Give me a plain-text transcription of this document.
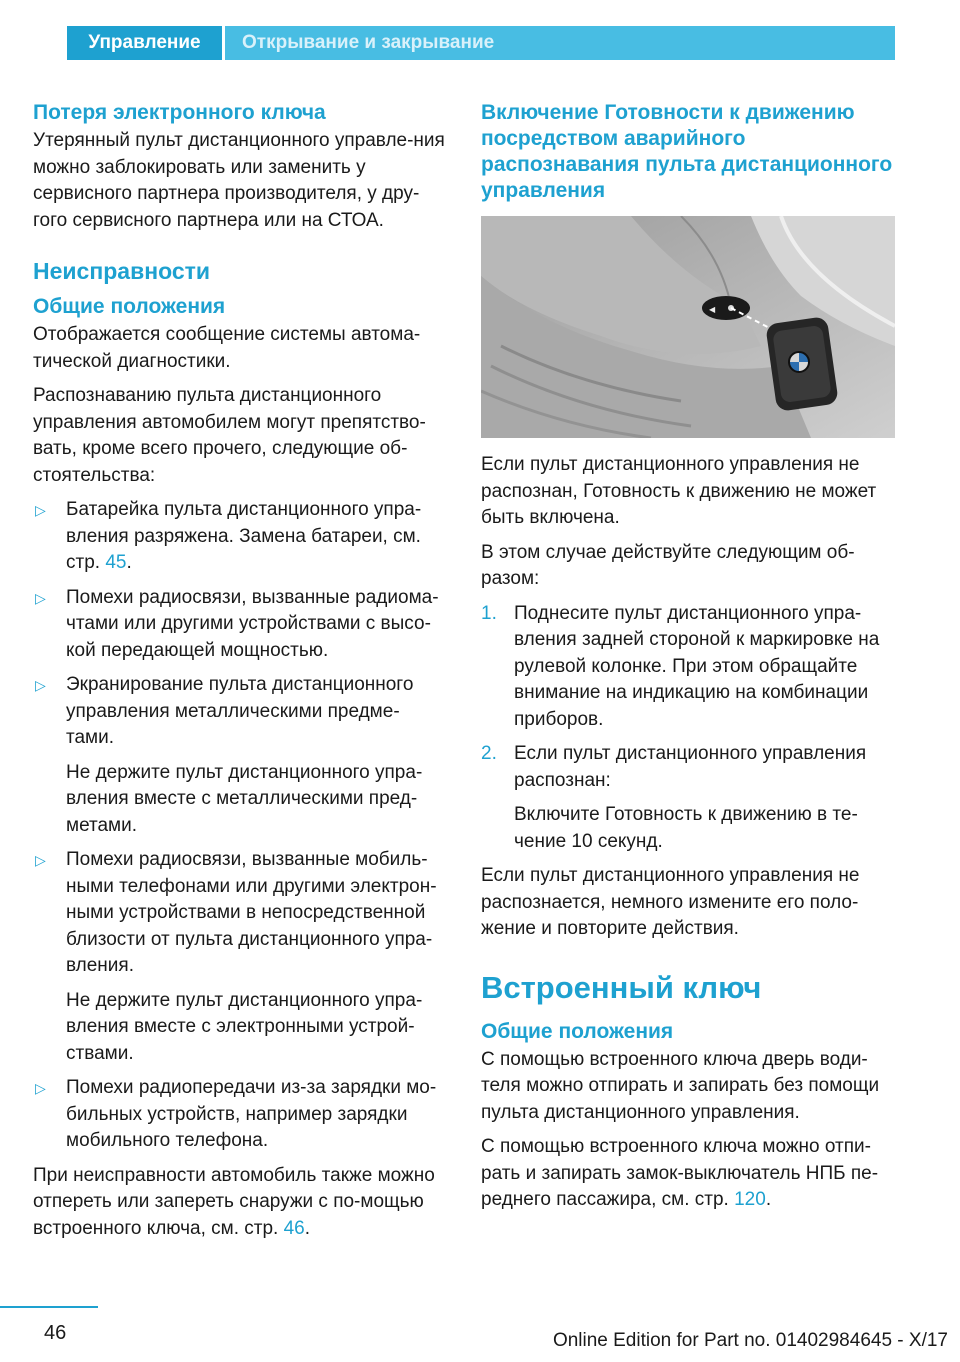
Управление	Открывание и закрывание
Потеря электронного ключа

Утерянный пульт дистанционного управле-ния можно заблокировать или заменить у сервисного партнера производителя, у дру-гого сервисного партнера или на СТОА.

Неисправности
Общие положения

Отображается сообщение системы автома-тической диагностики.

Распознаванию пульта дистанционного управления автомобилем могут препятство-вать, кроме всего прочего, следующие об-стоятельства:

▷ Батарейка пульта дистанционного упра-вления разряжена. Замена батареи, см. стр. 45.
▷ Помехи радиосвязи, вызванные радиома-чтами или другими устройствами с высо-кой передающей мощностью.
▷ Экранирование пульта дистанционного управления металлическими предме-тами.
Не держите пульт дистанционного упра-вления вместе с металлическими пред-метами.
▷ Помехи радиосвязи, вызванные мобиль-ными телефонами или другими электрон-ными устройствами в непосредственной близости от пульта дистанционного упра-вления.
Не держите пульт дистанционного упра-вления вместе с электронными устрой-ствами.
▷ Помехи радиопередачи из-за зарядки мо-бильных устройств, например зарядки мобильного телефона.

При неисправности автомобиль также можно отпереть или запереть снаружи с по-мощью встроенного ключа, см. стр. 46.

Включение Готовности к движению посредством аварийного распознавания пульта дистанционного управления
◀

Если пульт дистанционного управления не распознан, Готовность к движению не может быть включена.

В этом случае действуйте следующим об-разом:

1. Поднесите пульт дистанционного упра-вления задней стороной к маркировке на рулевой колонке. При этом обращайте внимание на индикацию на комбинации приборов.
2. Если пульт дистанционного управления распознан:
Включите Готовность к движению в те-чение 10 секунд.

Если пульт дистанционного управления не распознается, немного измените его поло-жение и повторите действия.

Встроенный ключ
Общие положения

С помощью встроенного ключа дверь води-теля можно отпирать и запирать без помощи пульта дистанционного управления.

С помощью встроенного ключа можно отпи-рать и запирать замок-выключатель НПБ пе-реднего пассажира, см. стр. 120.

46	Online Edition for Part no. 01402984645 - X/17
